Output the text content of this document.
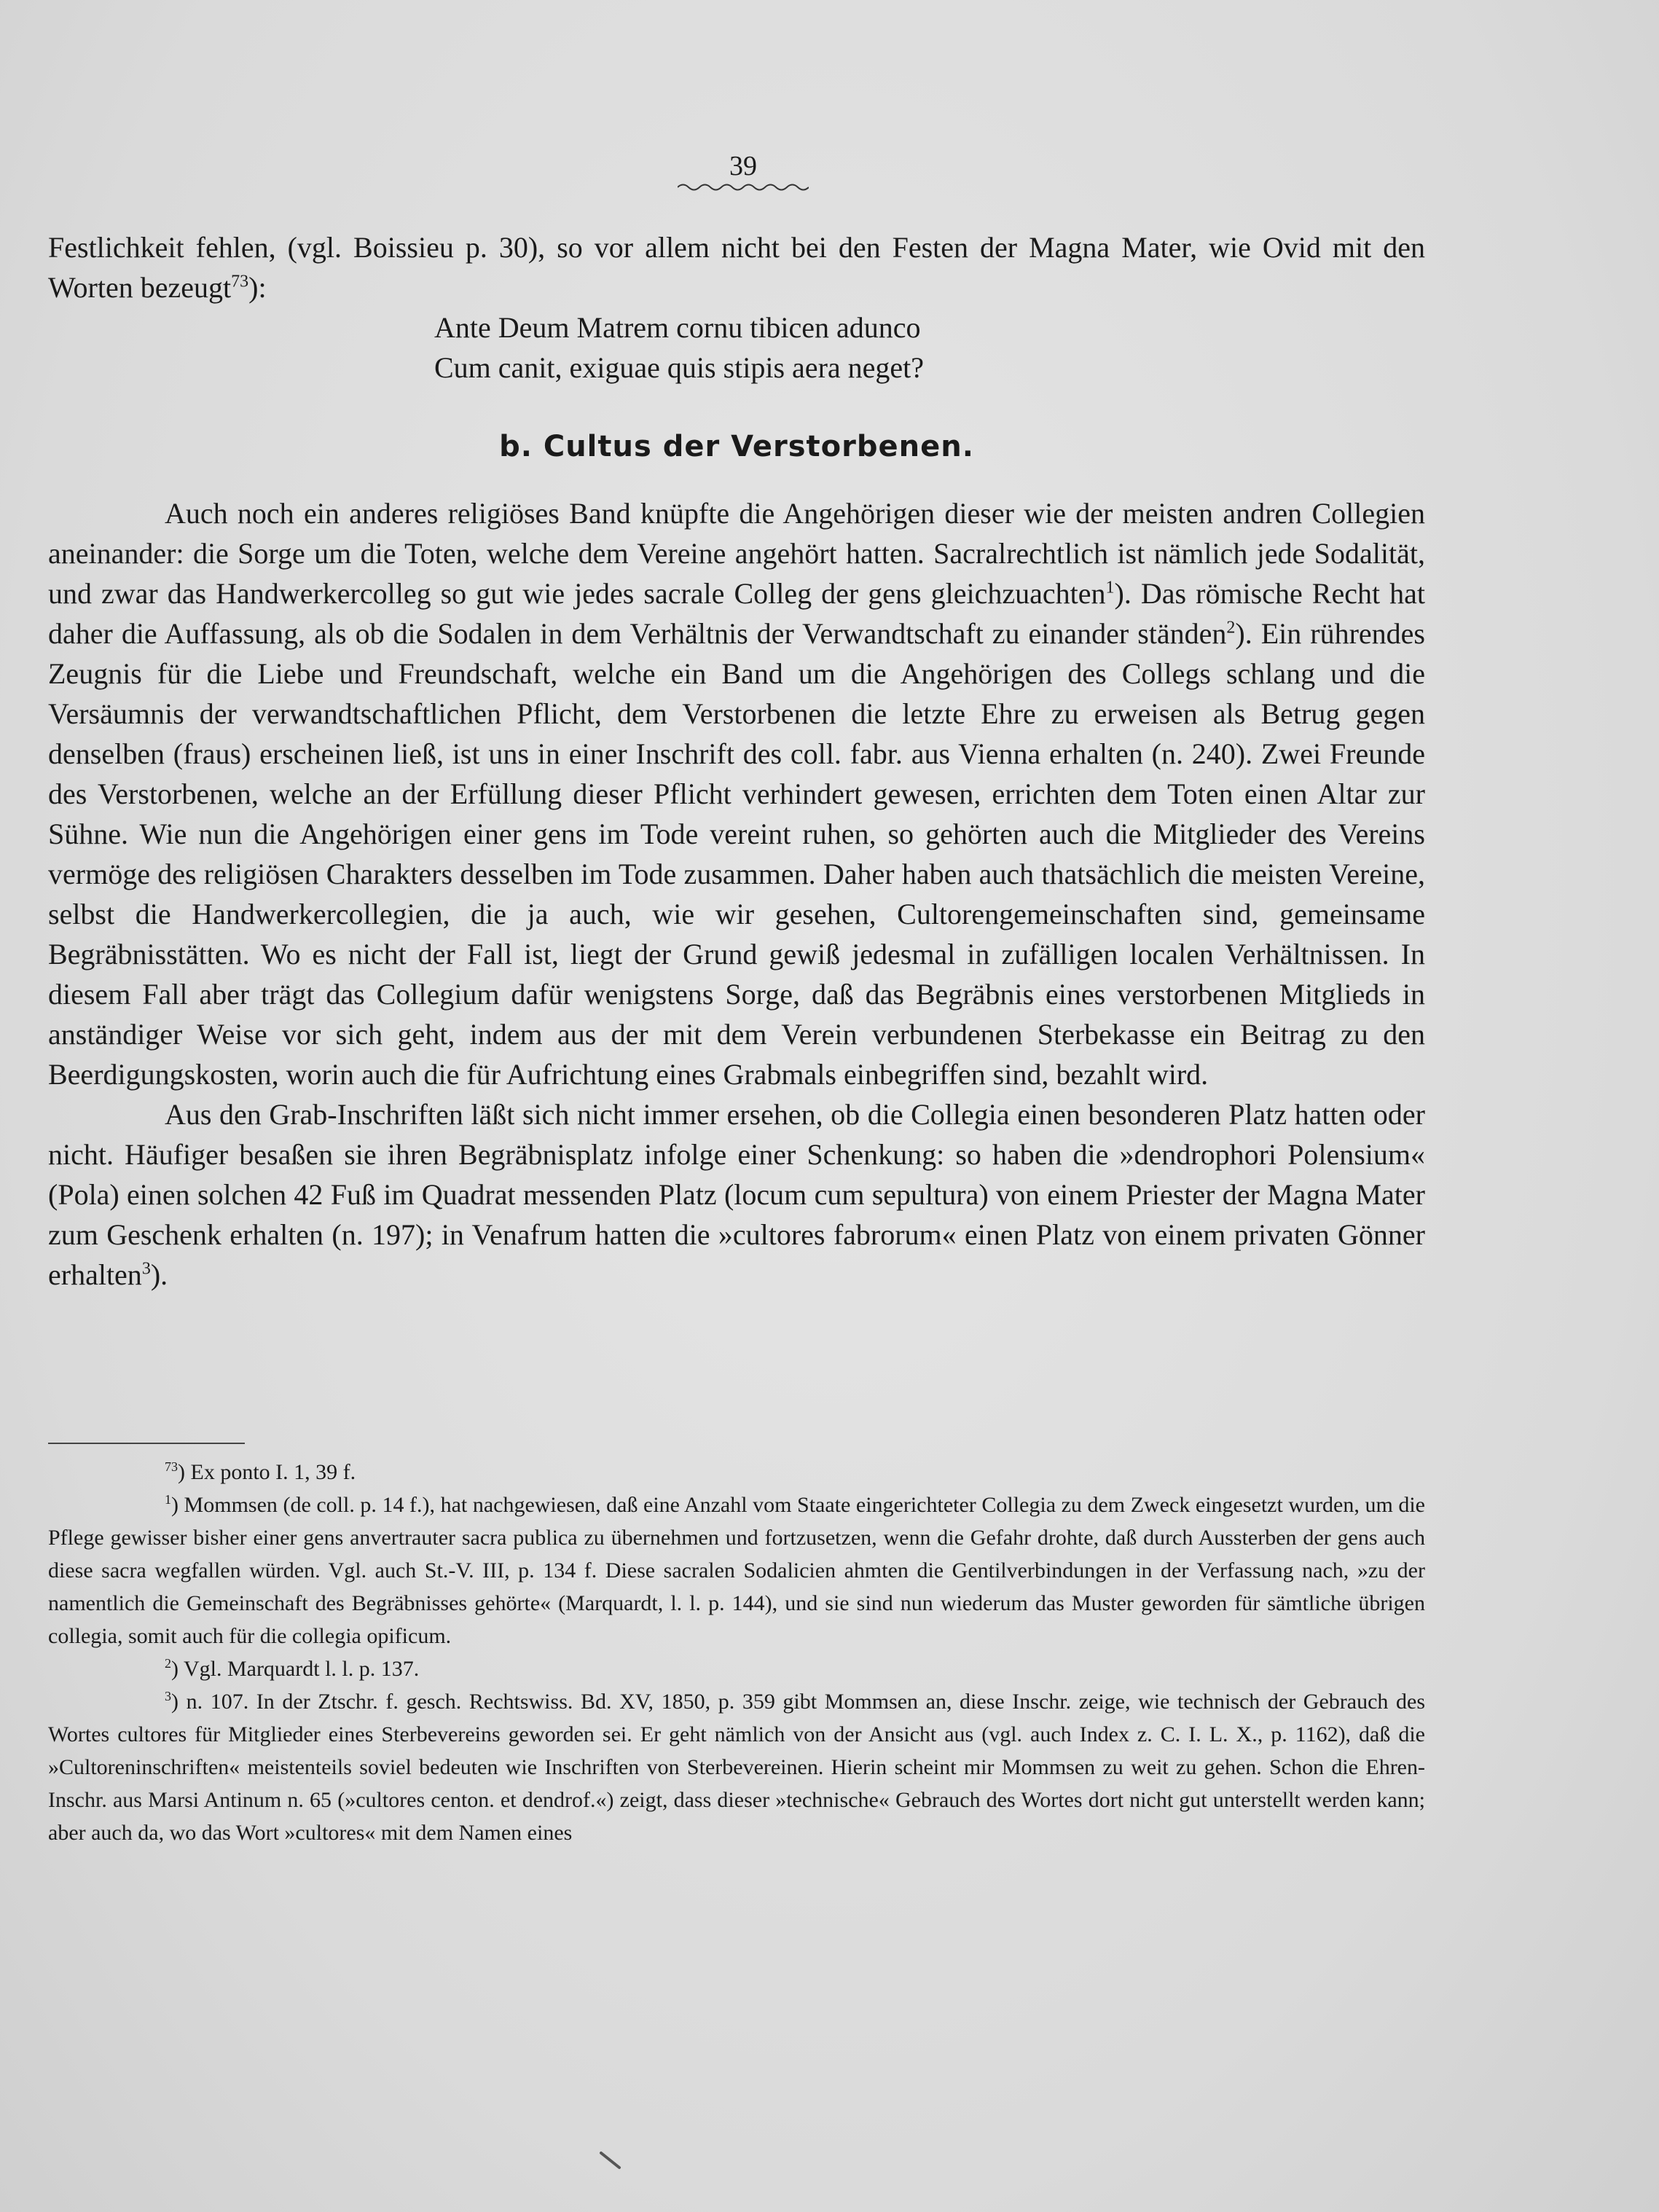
39

Festlichkeit fehlen, (vgl. Boissieu p. 30), so vor allem nicht bei den Festen der Magna Mater, wie Ovid mit den Worten bezeugt$^{73}$):

Ante Deum Matrem cornu tibicen adunco

Cum canit, exiguae quis stipis aera neget?

b. Cultus der Verstorbenen.

Auch noch ein anderes religiöses Band knüpfte die Angehörigen dieser wie der meisten andren Collegien aneinander: die Sorge um die Toten, welche dem Vereine angehört hatten. Sacralrechtlich ist nämlich jede Sodalität, und zwar das Handwerkercolleg so gut wie jedes sacrale Colleg der gens gleichzuachten$^1$). Das römische Recht hat daher die Auffassung, als ob die Sodalen in dem Verhältnis der Verwandtschaft zu einander ständen$^2$). Ein rührendes Zeugnis für die Liebe und Freundschaft, welche ein Band um die Angehörigen des Collegs schlang und die Versäumnis der verwandtschaftlichen Pflicht, dem Verstorbenen die letzte Ehre zu erweisen als Betrug gegen denselben (fraus) erscheinen ließ, ist uns in einer Inschrift des coll. fabr. aus Vienna erhalten (n. 240). Zwei Freunde des Verstorbenen, welche an der Erfüllung dieser Pflicht verhindert gewesen, errichten dem Toten einen Altar zur Sühne. Wie nun die Angehörigen einer gens im Tode vereint ruhen, so gehörten auch die Mitglieder des Vereins vermöge des religiösen Charakters desselben im Tode zusammen. Daher haben auch thatsächlich die meisten Vereine, selbst die Handwerkercollegien, die ja auch, wie wir gesehen, Cultorengemeinschaften sind, gemeinsame Begräbnisstätten. Wo es nicht der Fall ist, liegt der Grund gewiß jedesmal in zufälligen localen Verhältnissen. In diesem Fall aber trägt das Collegium dafür wenigstens Sorge, daß das Begräbnis eines verstorbenen Mitglieds in anständiger Weise vor sich geht, indem aus der mit dem Verein verbundenen Sterbekasse ein Beitrag zu den Beerdigungskosten, worin auch die für Aufrichtung eines Grabmals einbegriffen sind, bezahlt wird.

Aus den Grab-Inschriften läßt sich nicht immer ersehen, ob die Collegia einen besonderen Platz hatten oder nicht. Häufiger besaßen sie ihren Begräbnisplatz infolge einer Schenkung: so haben die »dendrophori Polensium« (Pola) einen solchen 42 Fuß im Quadrat messenden Platz (locum cum sepultura) von einem Priester der Magna Mater zum Geschenk erhalten (n. 197); in Venafrum hatten die »cultores fabrorum« einen Platz von einem privaten Gönner erhalten$^3$).

$^{73}$) Ex ponto I. 1, 39 f.

$^1$) Mommsen (de coll. p. 14 f.), hat nachgewiesen, daß eine Anzahl vom Staate eingerichteter Collegia zu dem Zweck eingesetzt wurden, um die Pflege gewisser bisher einer gens anvertrauter sacra publica zu übernehmen und fortzusetzen, wenn die Gefahr drohte, daß durch Aussterben der gens auch diese sacra wegfallen würden. Vgl. auch St.-V. III, p. 134 f. Diese sacralen Sodalicien ahmten die Gentilverbindungen in der Verfassung nach, »zu der namentlich die Gemeinschaft des Begräbnisses gehörte« (Marquardt, l. l. p. 144), und sie sind nun wiederum das Muster geworden für sämtliche übrigen collegia, somit auch für die collegia opificum.

$^2$) Vgl. Marquardt l. l. p. 137.

$^3$) n. 107. In der Ztschr. f. gesch. Rechtswiss. Bd. XV, 1850, p. 359 gibt Mommsen an, diese Inschr. zeige, wie technisch der Gebrauch des Wortes cultores für Mitglieder eines Sterbevereins geworden sei. Er geht nämlich von der Ansicht aus (vgl. auch Index z. C. I. L. X., p. 1162), daß die »Cultoreninschriften« meistenteils soviel bedeuten wie Inschriften von Sterbevereinen. Hierin scheint mir Mommsen zu weit zu gehen. Schon die Ehren-Inschr. aus Marsi Antinum n. 65 (»cultores centon. et dendrof.«) zeigt, dass dieser »technische« Gebrauch des Wortes dort nicht gut unterstellt werden kann; aber auch da, wo das Wort »cultores« mit dem Namen eines
